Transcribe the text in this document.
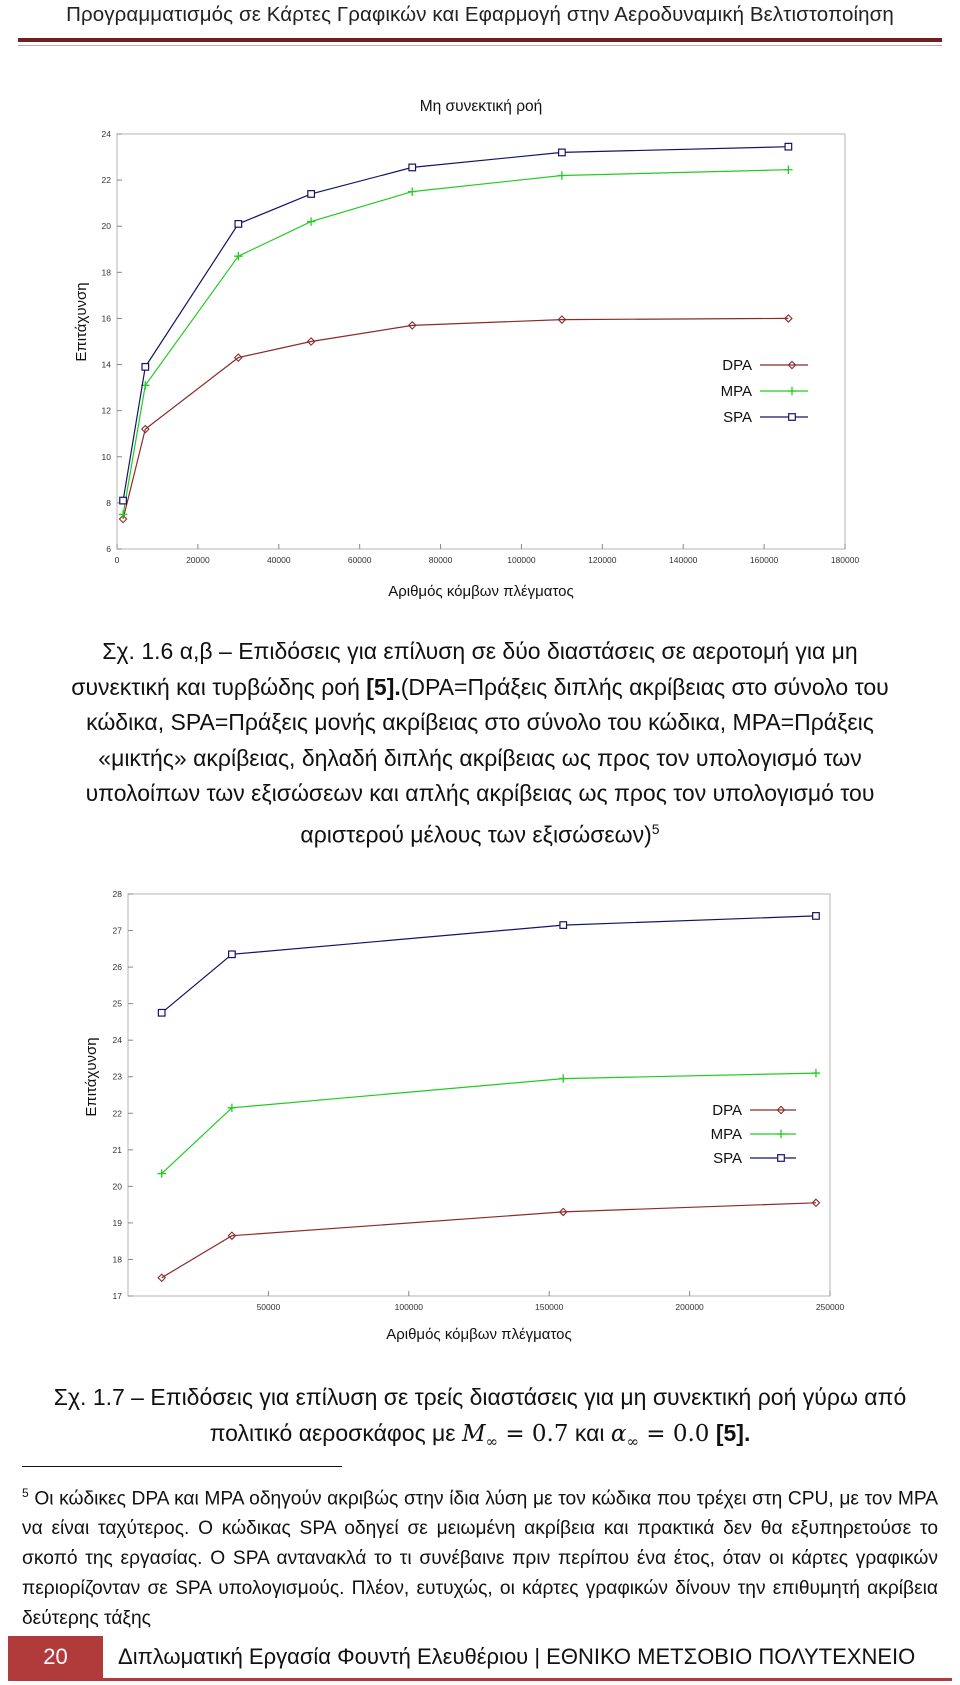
Προγραμματισμός σε Κάρτες Γραφικών και Εφαρμογή στην Αεροδυναμική Βελτιστοποίηση
6
8
10
12
14
16
18
20
22
24
0	20000	40000	60000	80000	100000	120000	140000	160000	180000
Μη συνεκτική ροή
Αριθμός κόμβων πλέγματος
Επιτάχυνση
DPA
MPA
SPA
Σχ. 1.6 α,β – Επιδόσεις για επίλυση σε δύο διαστάσεις σε αεροτομή για μη
συνεκτική και τυρβώδης ροή [5].(DPA=Πράξεις διπλής ακρίβειας στο σύνολο του
κώδικα, SPA=Πράξεις μονής ακρίβειας στο σύνολο του κώδικα, MPA=Πράξεις
«μικτής» ακρίβειας, δηλαδή διπλής ακρίβειας ως προς τον υπολογισμό των
υπολοίπων των εξισώσεων και απλής ακρίβειας ως προς τον υπολογισμό του
αριστερού μέλους των εξισώσεων)$^5$
17
18
19
20
21
22
23
24
25
26
27
28
50000	100000	150000	200000	250000
Αριθμός κόμβων πλέγματος
Επιτάχυνση	DPA
MPA
SPA
Σχ. 1.7 – Επιδόσεις για επίλυση σε τρείς διαστάσεις για μη συνεκτική ροή γύρω από
πολιτικό αεροσκάφος με $M_\infty = 0.7$ και $\alpha_\infty = 0.0$ [5].
$^5$ Οι κώδικες DPA και MPA οδηγούν ακριβώς στην ίδια λύση με τον κώδικα που τρέχει στη CPU, με τον MPA να είναι ταχύτερος. Ο κώδικας SPA οδηγεί σε μειωμένη ακρίβεια και πρακτικά δεν θα εξυπηρετούσε το σκοπό της εργασίας. Ο SPA αντανακλά το τι συνέβαινε πριν περίπου ένα έτος, όταν οι κάρτες γραφικών περιορίζονταν σε SPA υπολογισμούς. Πλέον, ευτυχώς, οι κάρτες γραφικών δίνουν την επιθυμητή ακρίβεια δεύτερης τάξης
20	Διπλωματική Εργασία Φουντή Ελευθέριου | ΕΘΝΙΚΟ ΜΕΤΣΟΒΙΟ ΠΟΛΥΤΕΧΝΕΙΟ
